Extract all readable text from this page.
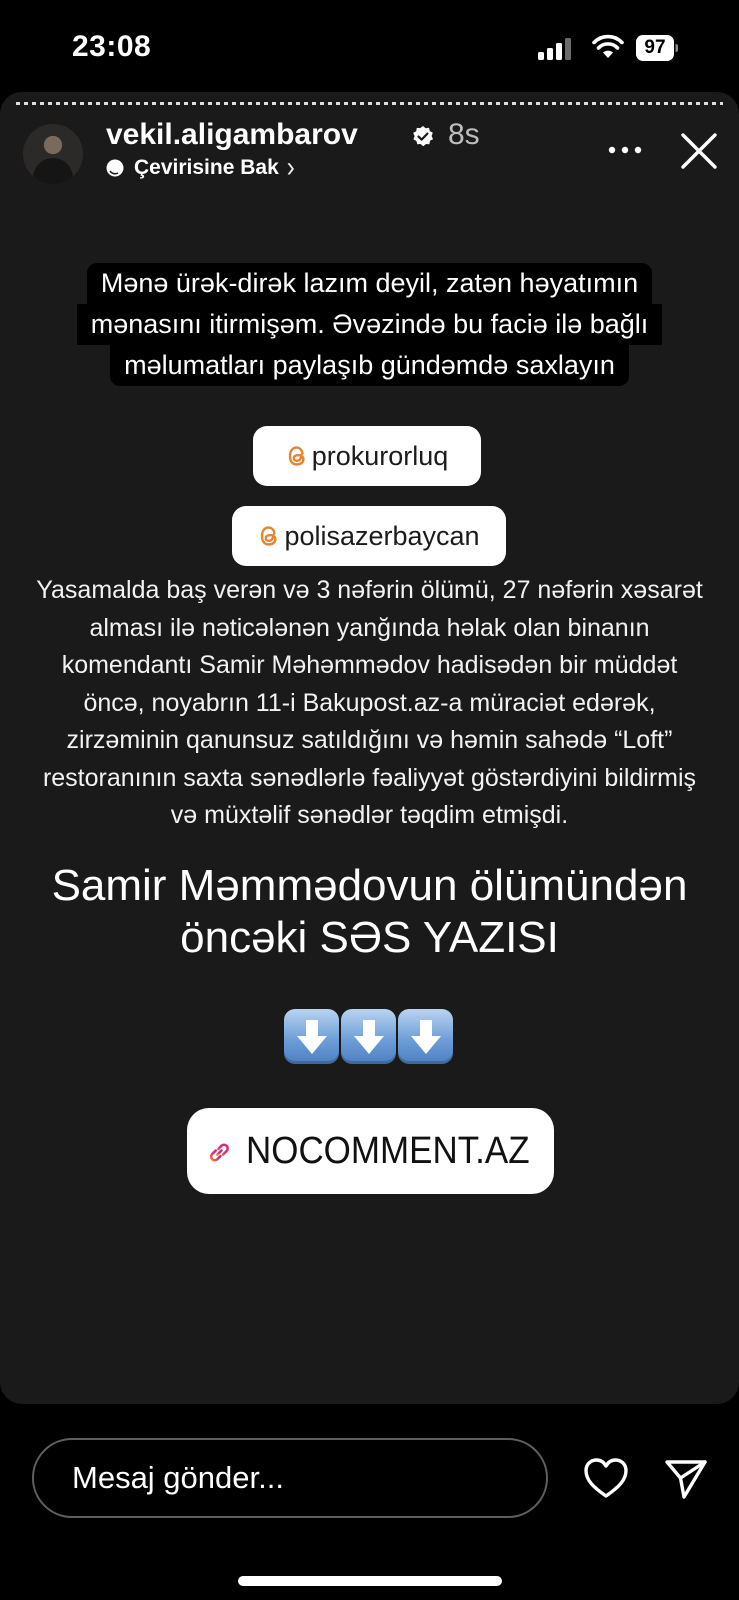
23:08	97
vekil.aligambarov	8s
Çevirisine Bak ›
Mənə ürək-dirək lazım deyil, zatən həyatımın
mənasını itirmişəm. Əvəzində bu faciə ilə bağlı
məlumatları paylaşıb gündəmdə saxlayın
prokurorluq
polisazerbaycan
Yasamalda baş verən və 3 nəfərin ölümü, 27 nəfərin xəsarət alması ilə nəticələnən yanğında həlak olan binanın komendantı Samir Məhəmmədov hadisədən bir müddət öncə, noyabrın 11-i Bakupost.az-a müraciət edərək, zirzəminin qanunsuz satıldığını və həmin sahədə “Loft” restoranının saxta sənədlərlə fəaliyyət göstərdiyini bildirmiş və müxtəlif sənədlər təqdim etmişdi.
Samir Məmmədovun ölümündən
öncəki SƏS YAZISI
NOCOMMENT.AZ
Mesaj gönder...
